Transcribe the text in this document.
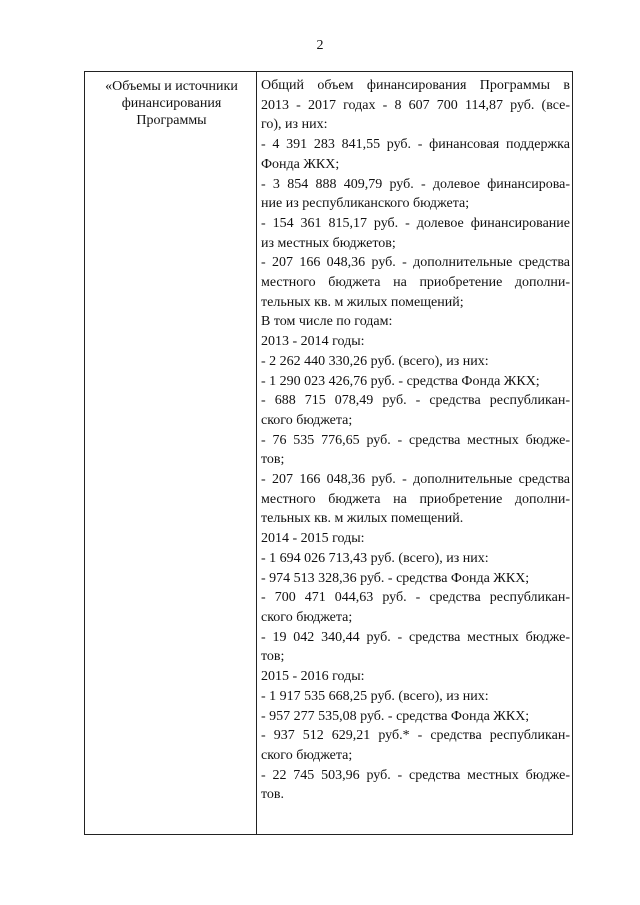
2
«Объемы и источники
финансирования
Программы
Общий объем финансирования Программы в
2013 - 2017 годах - 8 607 700 114,87 руб. (все-
го), из них:
- 4 391 283 841,55 руб. - финансовая поддержка
Фонда ЖКХ;
- 3 854 888 409,79 руб. - долевое финансирова-
ние из республиканского бюджета;
- 154 361 815,17 руб. - долевое финансирование
из местных бюджетов;
- 207 166 048,36 руб. - дополнительные средства
местного бюджета на приобретение дополни-
тельных кв. м жилых помещений;
В том числе по годам:
2013 - 2014 годы:
- 2 262 440 330,26 руб. (всего), из них:
- 1 290 023 426,76 руб. - средства Фонда ЖКХ;
- 688 715 078,49 руб. - средства республикан-
ского бюджета;
- 76 535 776,65 руб. - средства местных бюдже-
тов;
- 207 166 048,36 руб. - дополнительные средства
местного бюджета на приобретение дополни-
тельных кв. м жилых помещений.
2014 - 2015 годы:
- 1 694 026 713,43 руб. (всего), из них:
- 974 513 328,36 руб. - средства Фонда ЖКХ;
- 700 471 044,63 руб. - средства республикан-
ского бюджета;
- 19 042 340,44 руб. - средства местных бюдже-
тов;
2015 - 2016 годы:
- 1 917 535 668,25 руб. (всего), из них:
- 957 277 535,08 руб. - средства Фонда ЖКХ;
- 937 512 629,21 руб.* - средства республикан-
ского бюджета;
- 22 745 503,96 руб. - средства местных бюдже-
тов.
